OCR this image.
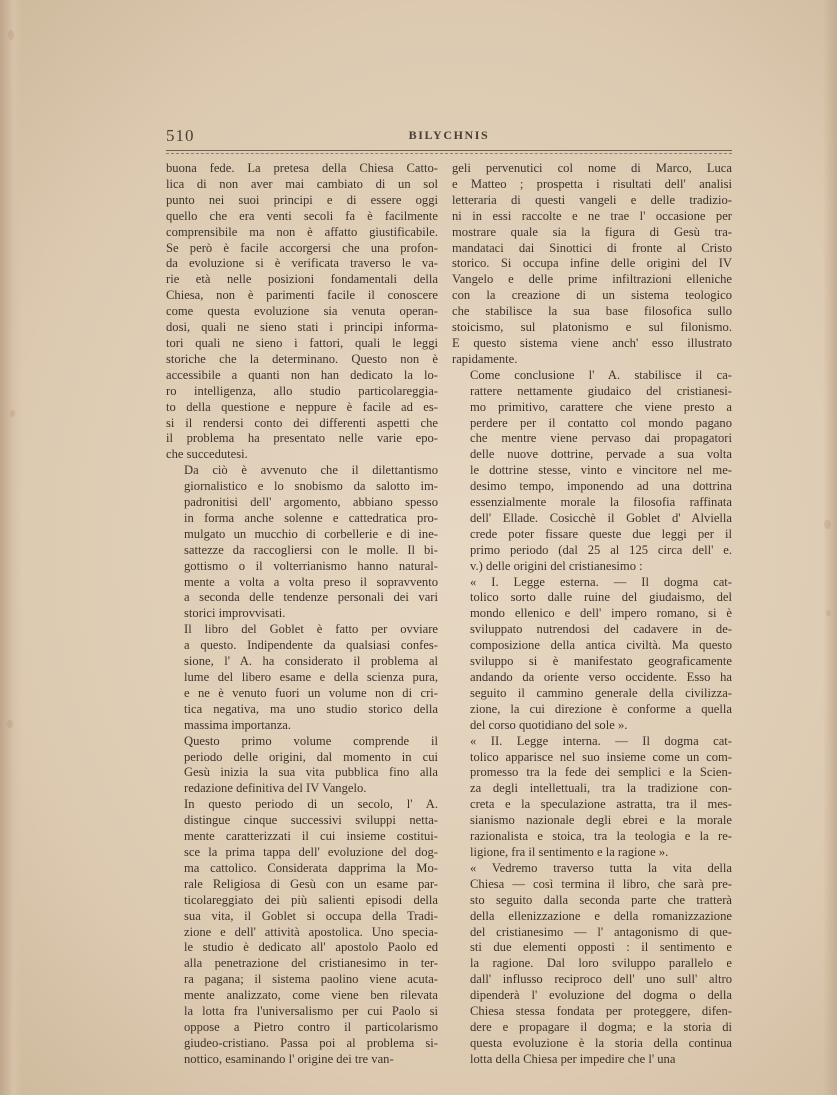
510	BILYCHNIS

buona fede. La pretesa della Chiesa Catto-
lica di non aver mai cambiato di un sol
punto nei suoi principi e di essere oggi
quello che era venti secoli fa è facilmente
comprensibile ma non è affatto giustificabile.
Se però è facile accorgersi che una profon-
da evoluzione si è verificata traverso le va-
rie età nelle posizioni fondamentali della
Chiesa, non è parimenti facile il conoscere
come questa evoluzione sia venuta operan-
dosi, quali ne sieno stati i principi informa-
tori quali ne sieno i fattori, quali le leggi
storiche che la determinano. Questo non è
accessibile a quanti non han dedicato la lo-
ro intelligenza, allo studio particolareggia-
to della questione e neppure è facile ad es-
si il rendersi conto dei differenti aspetti che
il problema ha presentato nelle varie epo-
che succedutesi.

Da ciò è avvenuto che il dilettantismo
giornalistico e lo snobismo da salotto im-
padronitisi dell' argomento, abbiano spesso
in forma anche solenne e cattedratica pro-
mulgato un mucchio di corbellerie e di ine-
sattezze da raccogliersi con le molle. Il bi-
gottismo o il volterrianismo hanno natural-
mente a volta a volta preso il sopravvento
a seconda delle tendenze personali dei vari
storici improvvisati.

Il libro del Goblet è fatto per ovviare
a questo. Indipendente da qualsiasi confes-
sione, l' A. ha considerato il problema al
lume del libero esame e della scienza pura,
e ne è venuto fuori un volume non di cri-
tica negativa, ma uno studio storico della
massima importanza.

Questo primo volume comprende il
periodo delle origini, dal momento in cui
Gesù inizia la sua vita pubblica fino alla
redazione definitiva del IV Vangelo.

In questo periodo di un secolo, l' A.
distingue cinque successivi sviluppi netta-
mente caratterizzati il cui insieme costitui-
sce la prima tappa dell' evoluzione del dog-
ma cattolico. Considerata dapprima la Mo-
rale Religiosa di Gesù con un esame par-
ticolareggiato dei più salienti episodi della
sua vita, il Goblet si occupa della Tradi-
zione e dell' attività apostolica. Uno specia-
le studio è dedicato all' apostolo Paolo ed
alla penetrazione del cristianesimo in ter-
ra pagana; il sistema paolino viene acuta-
mente analizzato, come viene ben rilevata
la lotta fra l'universalismo per cui Paolo si
oppose a Pietro contro il particolarismo
giudeo-cristiano. Passa poi al problema si-
nottico, esaminando l' origine dei tre van-

geli pervenutici col nome di Marco, Luca
e Matteo ; prospetta i risultati dell' analisi
letteraria di questi vangeli e delle tradizio-
ni in essi raccolte e ne trae l' occasione per
mostrare quale sia la figura di Gesù tra-
mandataci dai Sinottici di fronte al Cristo
storico. Si occupa infine delle origini del IV
Vangelo e delle prime infiltrazioni elleniche
con la creazione di un sistema teologico
che stabilisce la sua base filosofica sullo
stoicismo, sul platonismo e sul filonismo.
E questo sistema viene anch' esso illustrato
rapidamente.

Come conclusione l' A. stabilisce il ca-
rattere nettamente giudaico del cristianesi-
mo primitivo, carattere che viene presto a
perdere per il contatto col mondo pagano
che mentre viene pervaso dai propagatori
delle nuove dottrine, pervade a sua volta
le dottrine stesse, vinto e vincitore nel me-
desimo tempo, imponendo ad una dottrina
essenzialmente morale la filosofia raffinata
dell' Ellade. Cosicchè il Goblet d' Alviella
crede poter fissare queste due leggi per il
primo periodo (dal 25 al 125 circa dell' e.
v.) delle origini del cristianesimo :

« I. Legge esterna. — Il dogma cat-
tolico sorto dalle ruine del giudaismo, del
mondo ellenico e dell' impero romano, si è
sviluppato nutrendosi del cadavere in de-
composizione della antica civiltà. Ma questo
sviluppo si è manifestato geograficamente
andando da oriente verso occidente. Esso ha
seguito il cammino generale della civilizza-
zione, la cui direzione è conforme a quella
del corso quotidiano del sole ».

« II. Legge interna. — Il dogma cat-
tolico apparisce nel suo insieme come un com-
promesso tra la fede dei semplici e la Scien-
za degli intellettuali, tra la tradizione con-
creta e la speculazione astratta, tra il mes-
sianismo nazionale degli ebrei e la morale
razionalista e stoica, tra la teologia e la re-
ligione, fra il sentimento e la ragione ».

« Vedremo traverso tutta la vita della
Chiesa — così termina il libro, che sarà pre-
sto seguito dalla seconda parte che tratterà
della ellenizzazione e della romanizzazione
del cristianesimo — l' antagonismo di que-
sti due elementi opposti : il sentimento e
la ragione. Dal loro sviluppo parallelo e
dall' influsso reciproco dell' uno sull' altro
dipenderà l' evoluzione del dogma o della
Chiesa stessa fondata per proteggere, difen-
dere e propagare il dogma; e la storia di
questa evoluzione è la storia della continua
lotta della Chiesa per impedire che l' una
